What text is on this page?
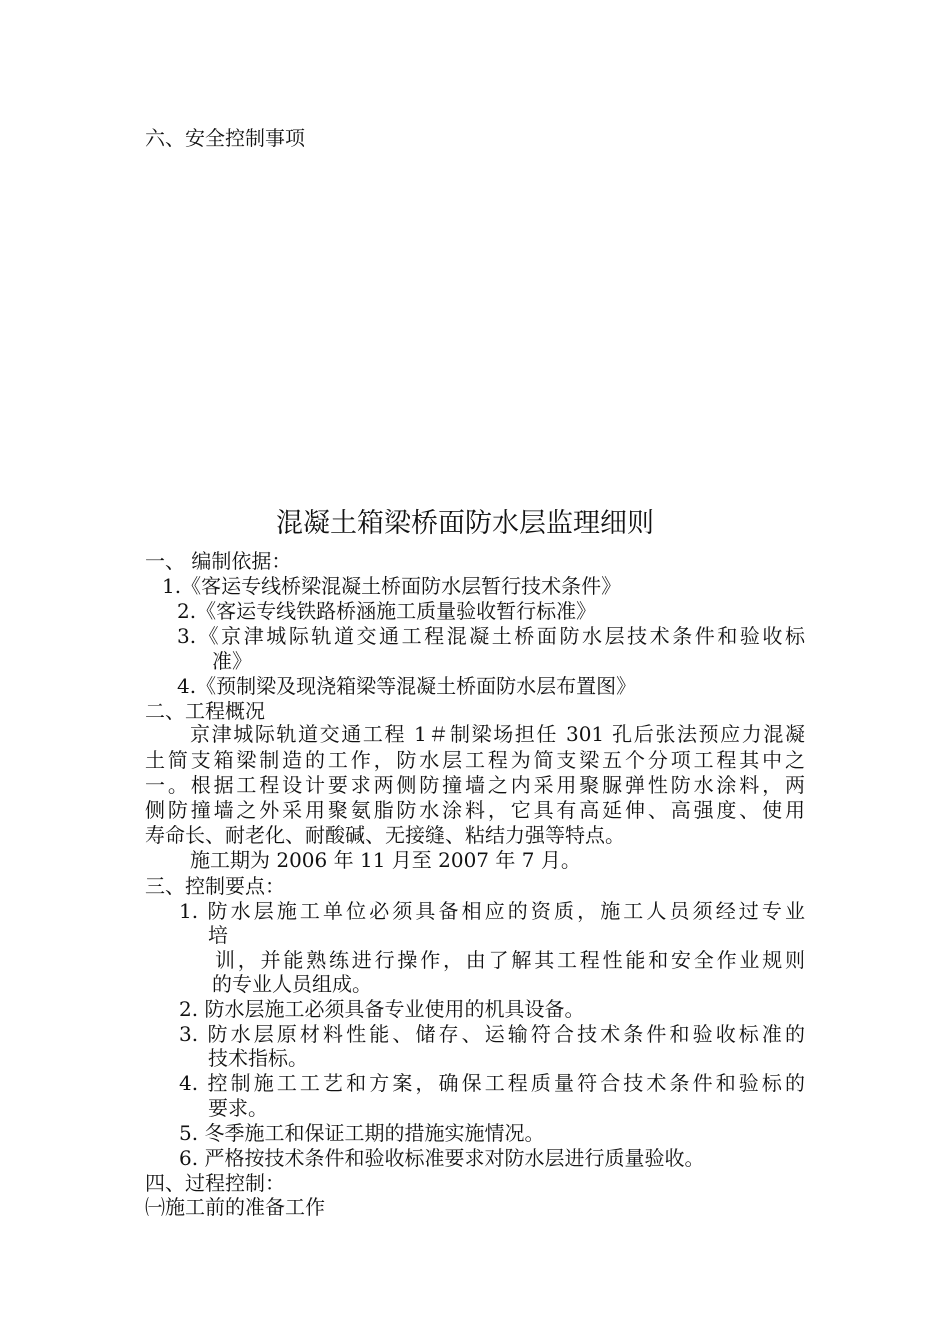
六、安全控制事项
混凝土箱梁桥面防水层监理细则
一、 编制依据：
1.《客运专线桥梁混凝土桥面防水层暂行技术条件》
2.《客运专线铁路桥涵施工质量验收暂行标准》
3.《京津城际轨道交通工程混凝土桥面防水层技术条件和验收标
准》
4.《预制梁及现浇箱梁等混凝土桥面防水层布置图》
二、工程概况
京津城际轨道交通工程 1＃制梁场担任 301 孔后张法预应力混凝
土简支箱梁制造的工作，防水层工程为简支梁五个分项工程其中之
一。根据工程设计要求两侧防撞墙之内采用聚脲弹性防水涂料，两
侧防撞墙之外采用聚氨脂防水涂料，它具有高延伸、高强度、使用
寿命长、耐老化、耐酸碱、无接缝、粘结力强等特点。
施工期为 2006 年 11 月至 2007 年 7 月。
三、控制要点：
1. 防水层施工单位必须具备相应的资质，施工人员须经过专业
培
训，并能熟练进行操作，由了解其工程性能和安全作业规则
的专业人员组成。
2. 防水层施工必须具备专业使用的机具设备。
3. 防水层原材料性能、储存、运输符合技术条件和验收标准的
技术指标。
4. 控制施工工艺和方案，确保工程质量符合技术条件和验标的
要求。
5. 冬季施工和保证工期的措施实施情况。
6. 严格按技术条件和验收标准要求对防水层进行质量验收。
四、过程控制：
㈠施工前的准备工作
